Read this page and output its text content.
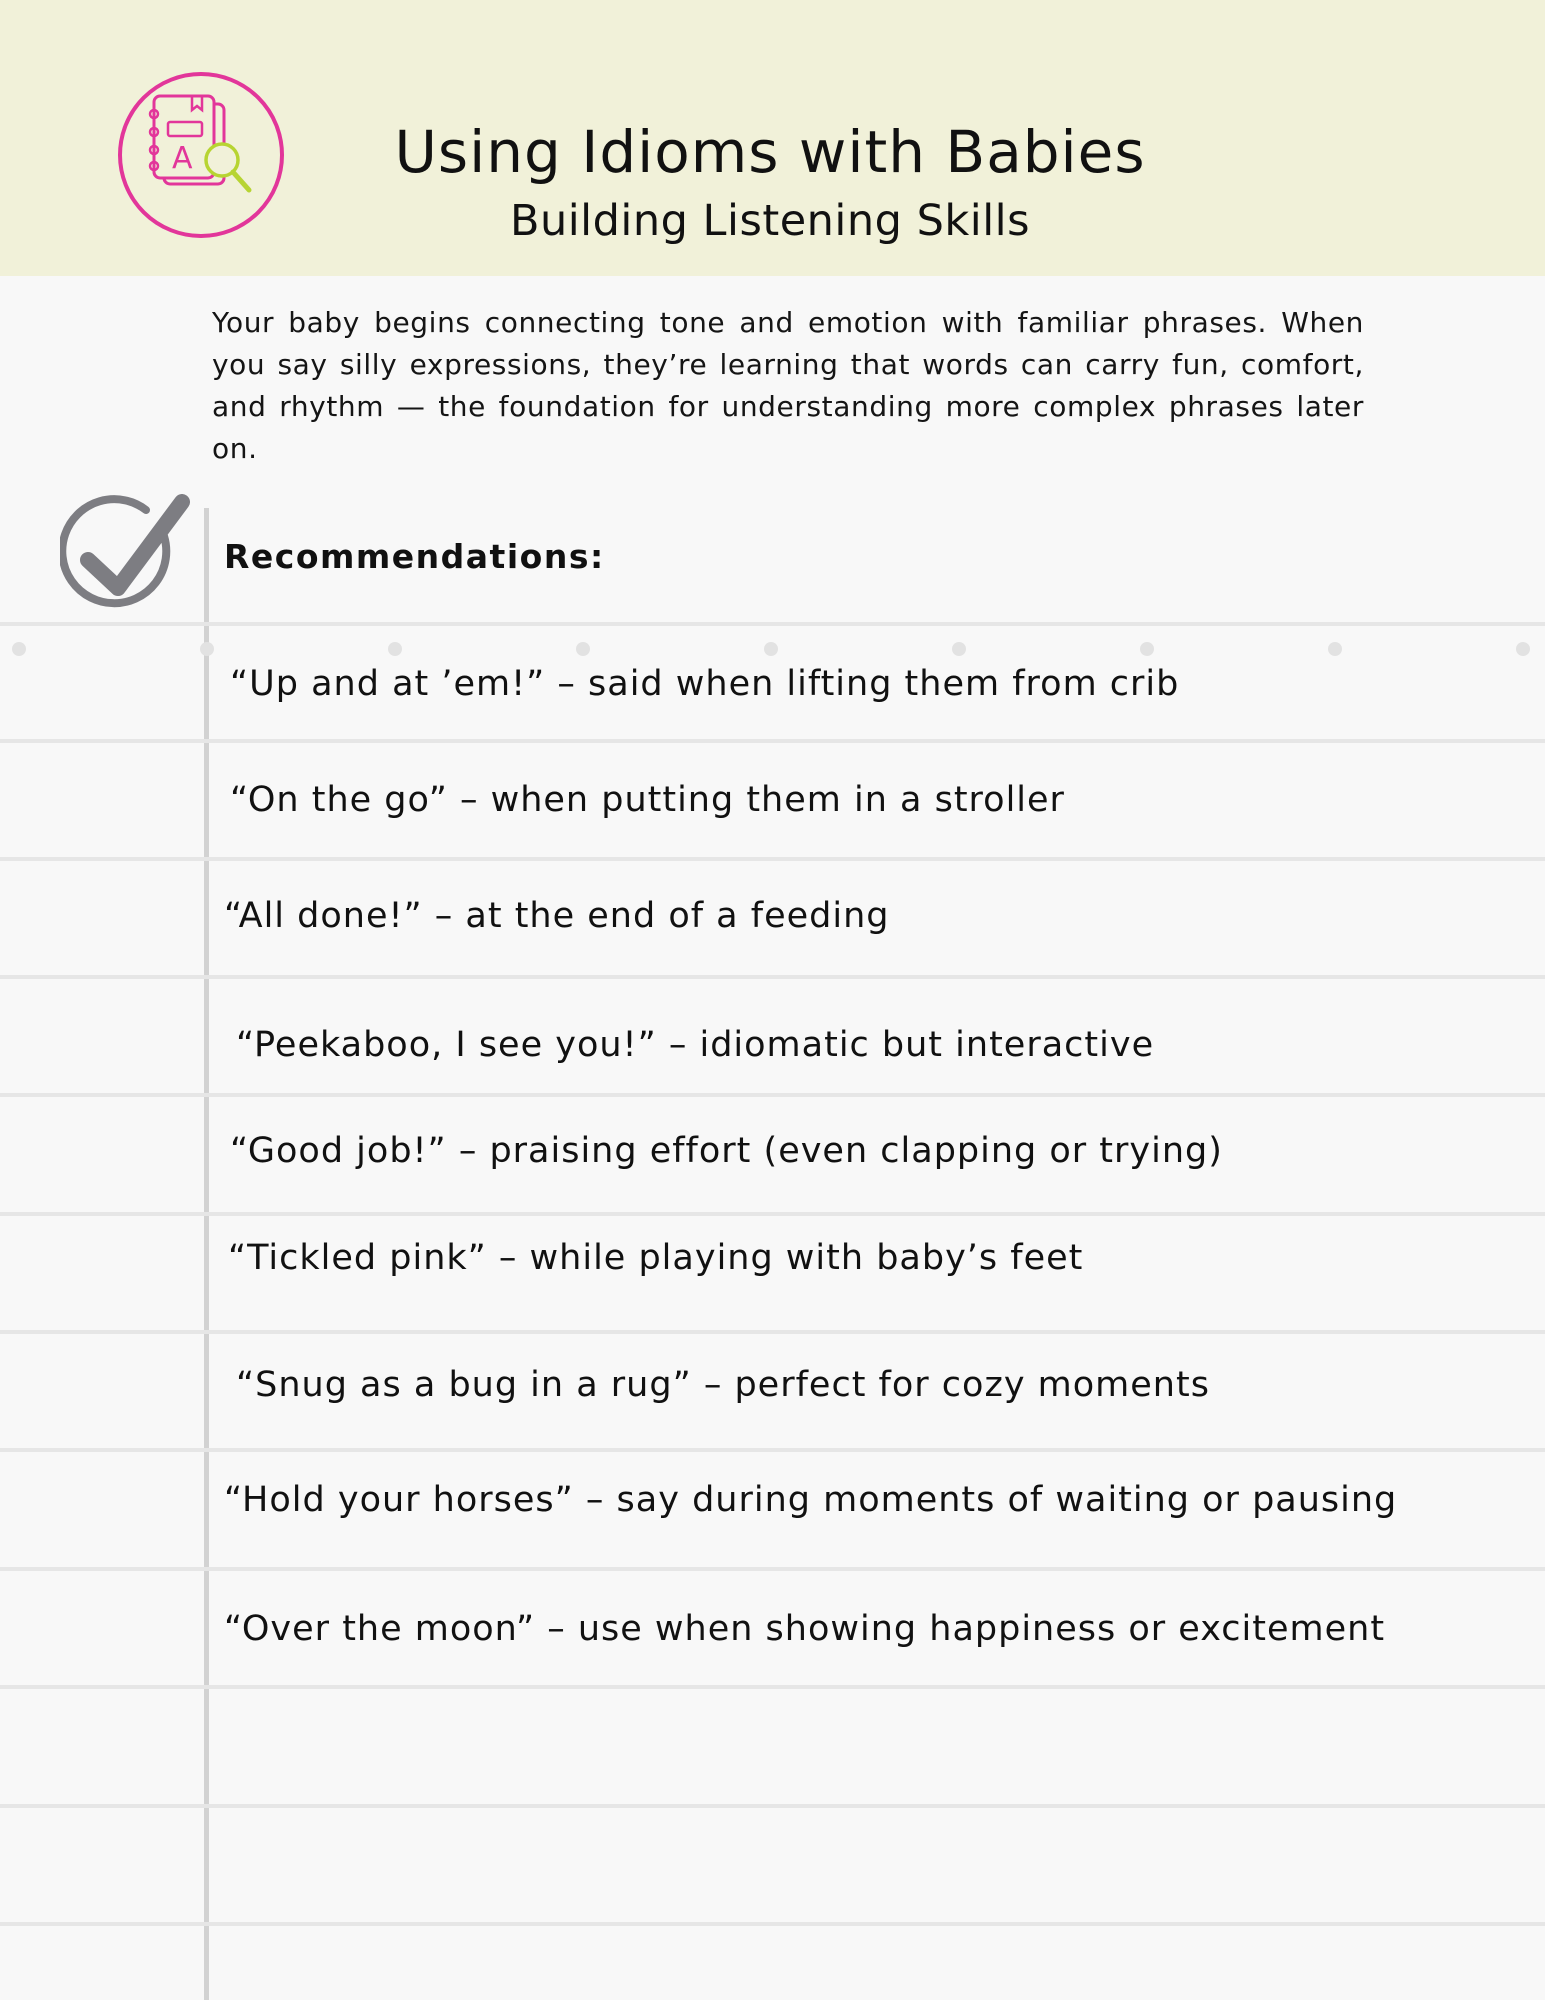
A	Using Idioms with Babies
Building Listening Skills
Your baby begins connecting tone and emotion with familiar phrases. When you say silly expressions, they’re learning that words can carry fun, comfort, and rhythm — the foundation for understanding more complex phrases later on.
Recommendations:
“Up and at ’em!” – said when lifting them from crib
“On the go” – when putting them in a stroller
“All done!” – at the end of a feeding
“Peekaboo, I see you!” – idiomatic but interactive
“Good job!” – praising effort (even clapping or trying)
“Tickled pink” – while playing with baby’s feet
“Snug as a bug in a rug” – perfect for cozy moments
“Hold your horses” – say during moments of waiting or pausing
“Over the moon” – use when showing happiness or excitement
